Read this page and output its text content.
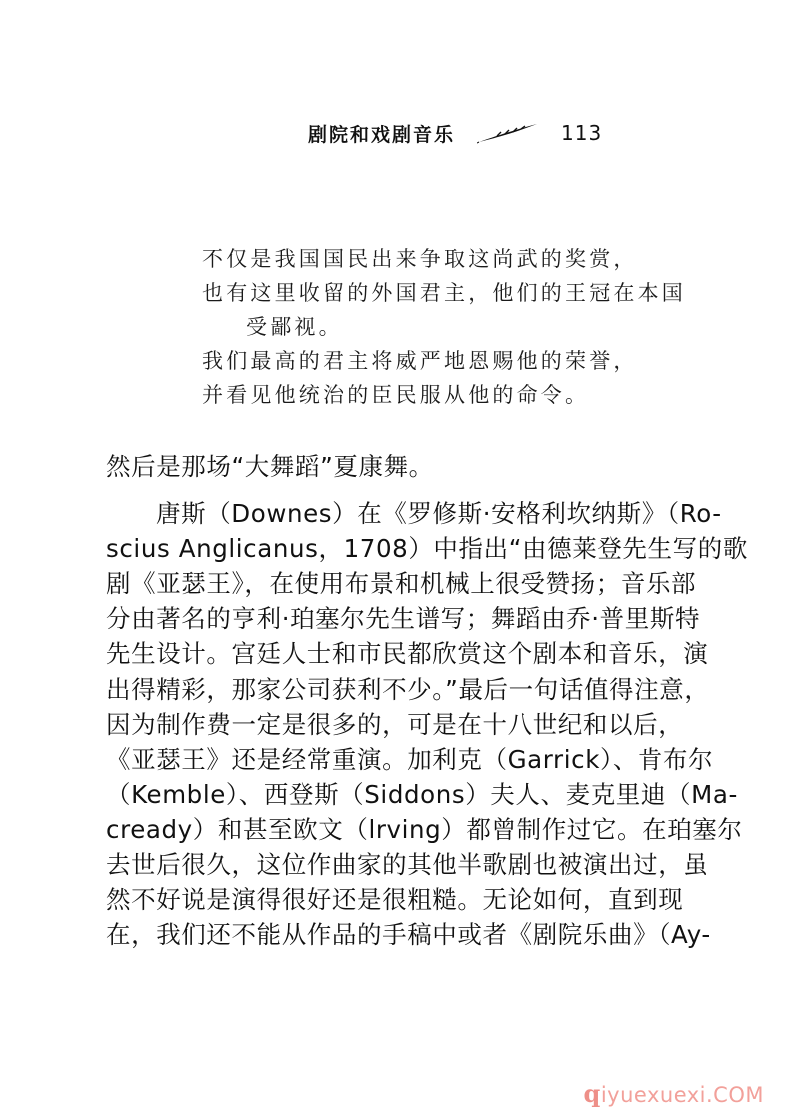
剧院和戏剧音乐	113
不仅是我国国民出来争取这尚武的奖赏，
也有这里收留的外国君主，他们的王冠在本国
受鄙视。
我们最高的君主将威严地恩赐他的荣誉，
并看见他统治的臣民服从他的命令。
然后是那场“大舞蹈”夏康舞。
唐斯（Downes）在《罗修斯·安格利坎纳斯》（Ro-
scius Anglicanus，1708）中指出“由德莱登先生写的歌
剧《亚瑟王》，在使用布景和机械上很受赞扬；音乐部
分由著名的亨利·珀塞尔先生谱写；舞蹈由乔·普里斯特
先生设计。宫廷人士和市民都欣赏这个剧本和音乐，演
出得精彩，那家公司获利不少。”最后一句话值得注意，
因为制作费一定是很多的，可是在十八世纪和以后，
《亚瑟王》还是经常重演。加利克（Garrick）、肯布尔
（Kemble）、西登斯（Siddons）夫人、麦克里迪（Ma-
cready）和甚至欧文（lrving）都曾制作过它。在珀塞尔
去世后很久，这位作曲家的其他半歌剧也被演出过，虽
然不好说是演得很好还是很粗糙。无论如何，直到现
在，我们还不能从作品的手稿中或者《剧院乐曲》（Ay-
qiyuexuexi.COM
